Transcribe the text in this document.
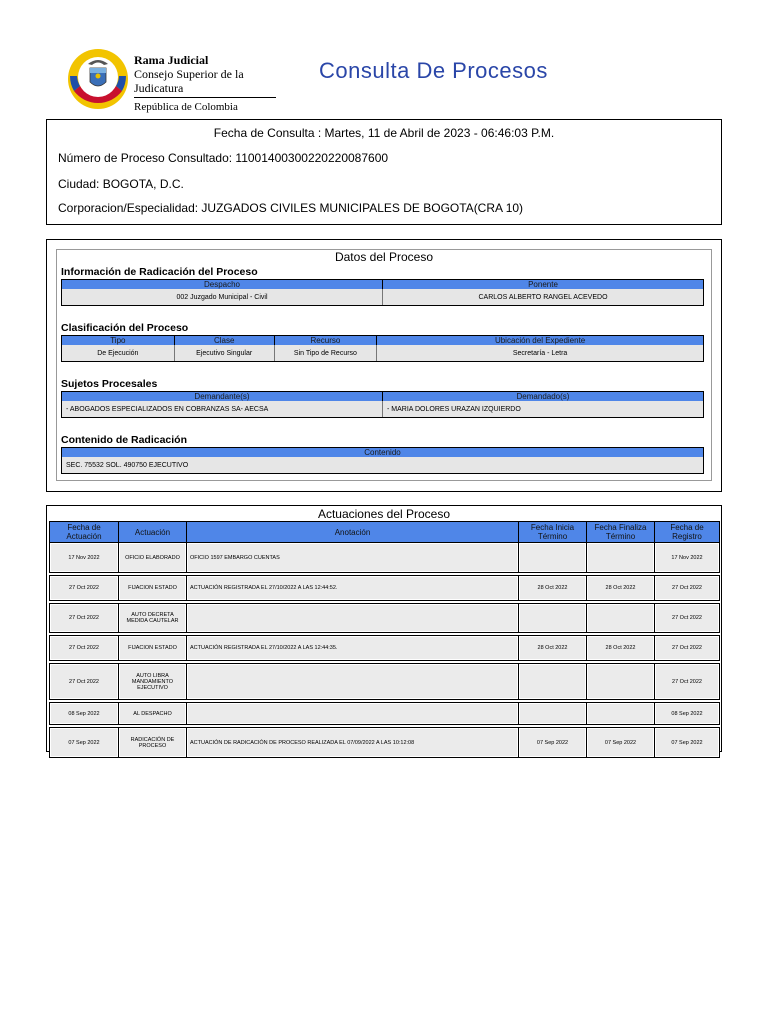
Rama Judicial
Consejo Superior de la Judicatura
República de Colombia
Consulta De Procesos
Fecha de Consulta : Martes, 11 de Abril de 2023 - 06:46:03 P.M.
Número de Proceso Consultado: 11001400300220220087600
Ciudad: BOGOTA, D.C.
Corporacion/Especialidad: JUZGADOS CIVILES MUNICIPALES DE BOGOTA(CRA 10)
Datos del Proceso
Información de Radicación del Proceso
Despacho	Ponente
002 Juzgado Municipal - Civil	CARLOS ALBERTO RANGEL ACEVEDO
Clasificación del Proceso
Tipo	Clase	Recurso	Ubicación del Expediente
De Ejecución	Ejecutivo Singular	Sin Tipo de Recurso	Secretaría - Letra
Sujetos Procesales
Demandante(s)	Demandado(s)
- ABOGADOS ESPECIALIZADOS EN COBRANZAS SA- AECSA	- MARIA DOLORES URAZAN IZQUIERDO
Contenido de Radicación
Contenido
SEC. 75532 SOL. 490750 EJECUTIVO
Actuaciones del Proceso
Fecha de Actuación	Actuación	Anotación	Fecha Inicia Término	Fecha Finaliza Término	Fecha de Registro
17 Nov 2022	OFICIO ELABORADO	OFICIO 1597 EMBARGO CUENTAS			17 Nov 2022

27 Oct 2022	FIJACION ESTADO	ACTUACIÓN REGISTRADA EL 27/10/2022 A LAS 12:44:52.	28 Oct 2022	28 Oct 2022	27 Oct 2022

27 Oct 2022	AUTO DECRETA MEDIDA CAUTELAR				27 Oct 2022

27 Oct 2022	FIJACION ESTADO	ACTUACIÓN REGISTRADA EL 27/10/2022 A LAS 12:44:35.	28 Oct 2022	28 Oct 2022	27 Oct 2022

27 Oct 2022	AUTO LIBRA MANDAMIENTO EJECUTIVO				27 Oct 2022

08 Sep 2022	AL DESPACHO				08 Sep 2022

07 Sep 2022	RADICACIÓN DE PROCESO	ACTUACIÓN DE RADICACIÓN DE PROCESO REALIZADA EL 07/09/2022 A LAS 10:12:08	07 Sep 2022	07 Sep 2022	07 Sep 2022
